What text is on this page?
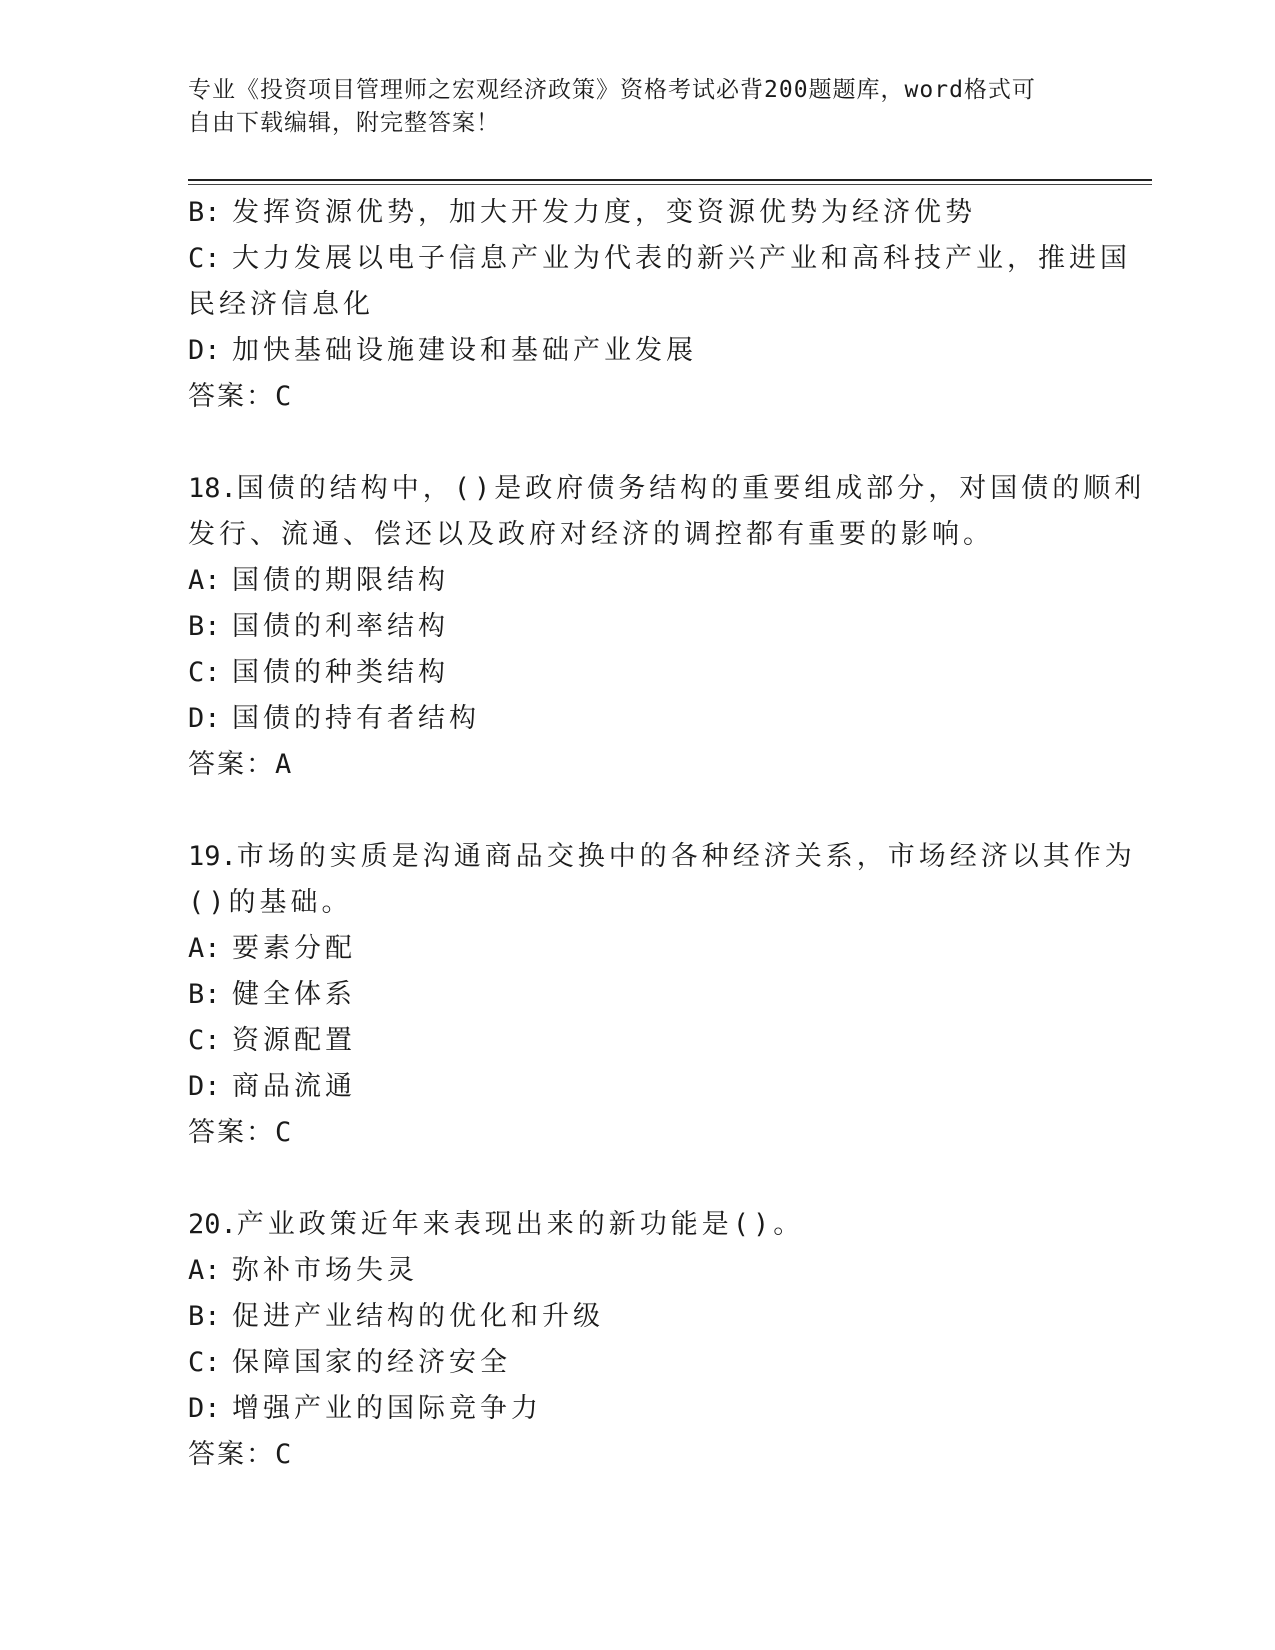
专业《投资项目管理师之宏观经济政策》资格考试必背200题题库，word格式可
自由下载编辑，附完整答案！
B: 发挥资源优势，加大开发力度，变资源优势为经济优势
C: 大力发展以电子信息产业为代表的新兴产业和高科技产业，推进国
民经济信息化
D: 加快基础设施建设和基础产业发展
答案：C
18.国债的结构中，()是政府债务结构的重要组成部分，对国债的顺利
发行、流通、偿还以及政府对经济的调控都有重要的影响。
A: 国债的期限结构
B: 国债的利率结构
C: 国债的种类结构
D: 国债的持有者结构
答案：A
19.市场的实质是沟通商品交换中的各种经济关系，市场经济以其作为
()的基础。
A: 要素分配
B: 健全体系
C: 资源配置
D: 商品流通
答案：C
20.产业政策近年来表现出来的新功能是()。
A: 弥补市场失灵
B: 促进产业结构的优化和升级
C: 保障国家的经济安全
D: 增强产业的国际竞争力
答案：C
